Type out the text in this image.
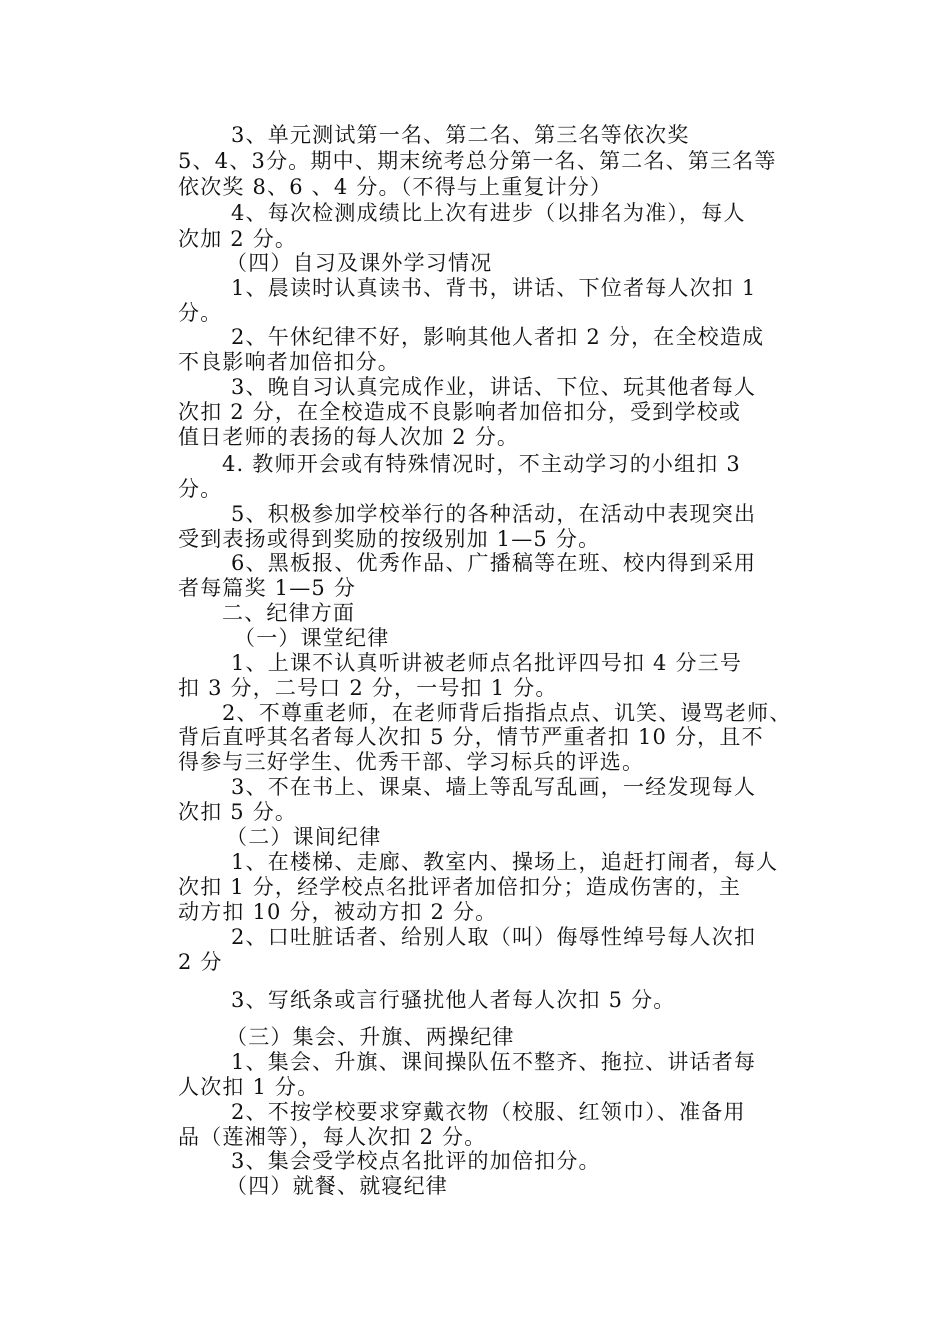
3、单元测试第一名、第二名、第三名等依次奖
5、4、3分。期中、期末统考总分第一名、第二名、第三名等
依次奖 8、6 、4 分。（不得与上重复计分）
4、每次检测成绩比上次有进步（以排名为准），每人
次加 2 分。
（四）自习及课外学习情况
1、晨读时认真读书、背书，讲话、下位者每人次扣 1
分。
2、午休纪律不好，影响其他人者扣 2 分，在全校造成
不良影响者加倍扣分。
3、晚自习认真完成作业，讲话、下位、玩其他者每人
次扣 2 分，在全校造成不良影响者加倍扣分，受到学校或
值日老师的表扬的每人次加 2 分。
4. 教师开会或有特殊情况时，不主动学习的小组扣 3
分。
5、积极参加学校举行的各种活动，在活动中表现突出
受到表扬或得到奖励的按级别加 1—5 分。
6、黑板报、优秀作品、广播稿等在班、校内得到采用
者每篇奖 1—5 分
二、纪律方面
（一）课堂纪律
1、上课不认真听讲被老师点名批评四号扣 4 分三号
扣 3 分，二号口 2 分，一号扣 1 分。
2、不尊重老师，在老师背后指指点点、讥笑、谩骂老师、
背后直呼其名者每人次扣 5 分，情节严重者扣 10 分，且不
得参与三好学生、优秀干部、学习标兵的评选。
3、不在书上、课桌、墙上等乱写乱画，一经发现每人
次扣 5 分。
（二）课间纪律
1、在楼梯、走廊、教室内、操场上，追赶打闹者，每人
次扣 1 分，经学校点名批评者加倍扣分；造成伤害的，主
动方扣 10 分，被动方扣 2 分。
2、口吐脏话者、给别人取（叫）侮辱性绰号每人次扣
2 分
3、写纸条或言行骚扰他人者每人次扣 5 分。
（三）集会、升旗、两操纪律
1、集会、升旗、课间操队伍不整齐、拖拉、讲话者每
人次扣 1 分。
2、不按学校要求穿戴衣物（校服、红领巾）、准备用
品（莲湘等），每人次扣 2 分。
3、集会受学校点名批评的加倍扣分。
（四）就餐、就寝纪律
